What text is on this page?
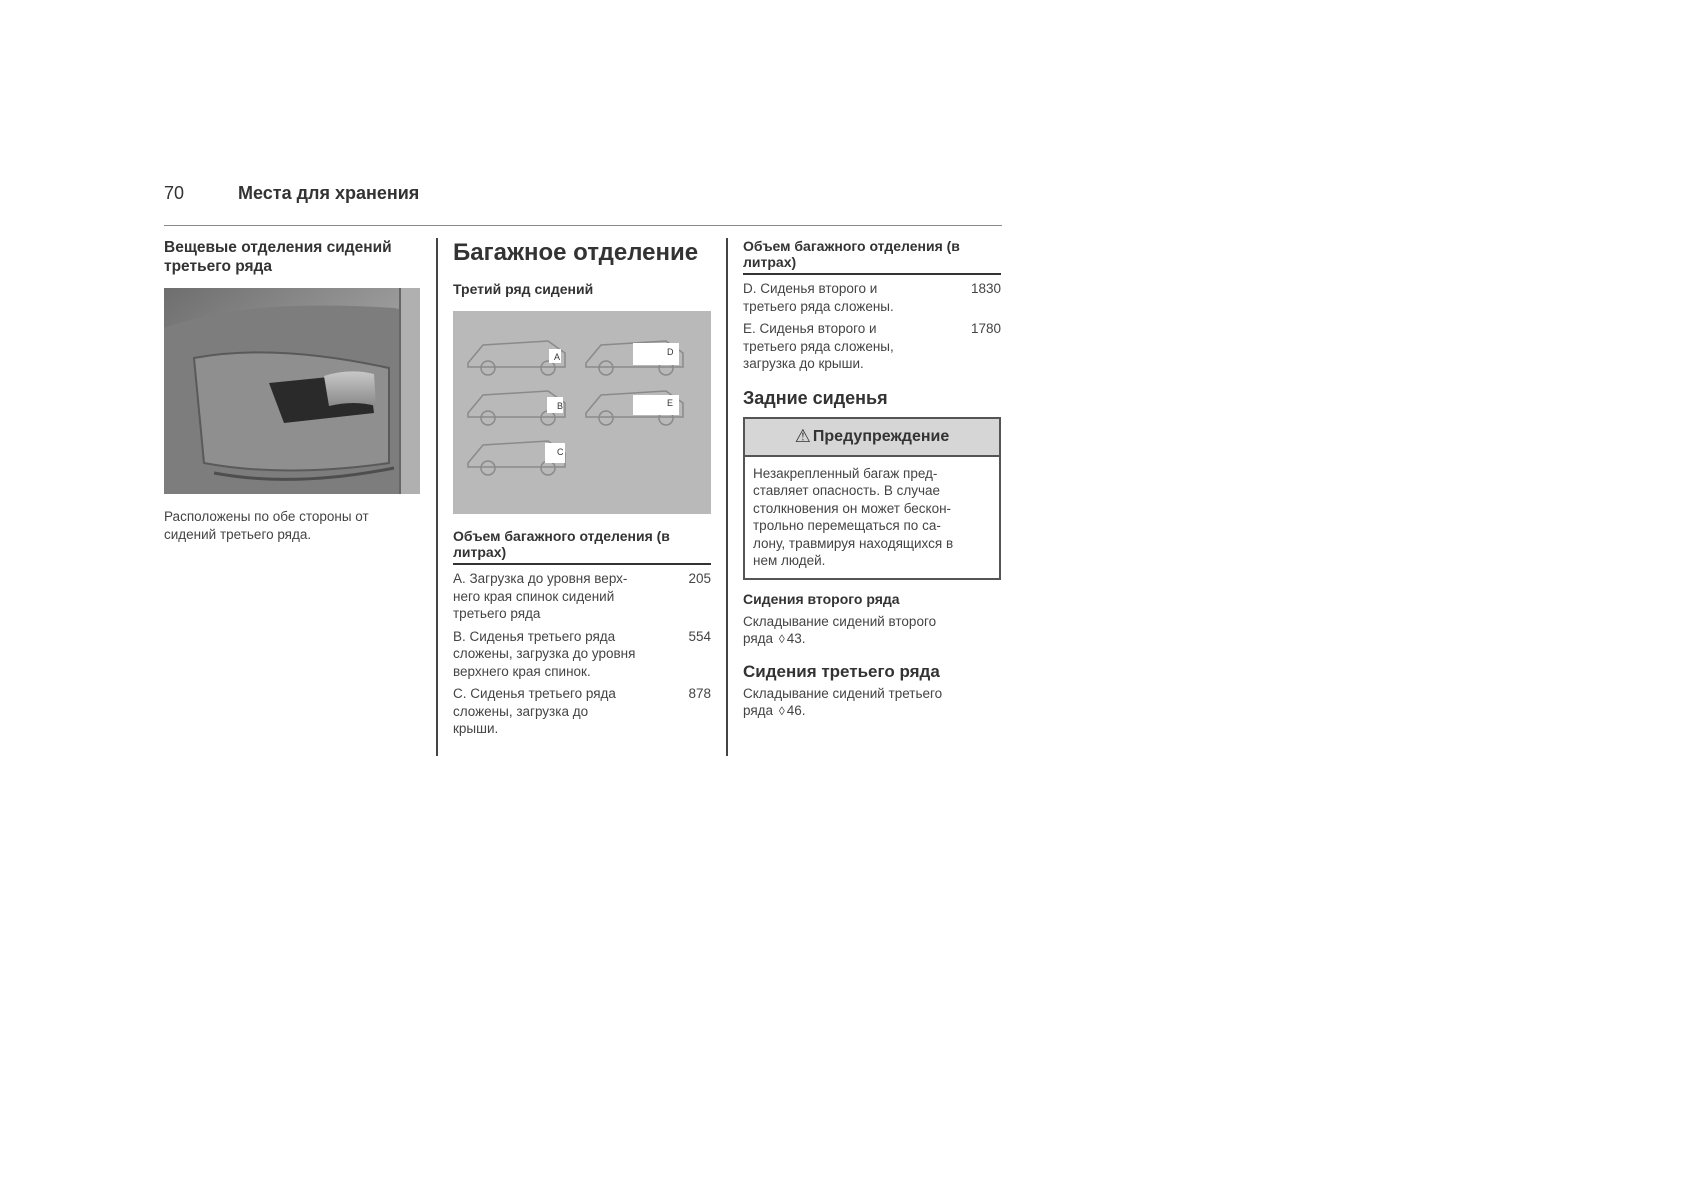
70	Места для хранения

Вещевые отделения сидений
третьего ряда

Расположены по обе стороны от
сидений третьего ряда.

Багажное отделение

Третий ряд сидений

A	D
B	E
C
Объем багажного отделения (в
литрах)
A. Загрузка до уровня верх-
него края спинок сидений
третьего ряда
205
B. Сиденья третьего ряда
сложены, загрузка до уровня
верхнего края спинок.
554
C. Сиденья третьего ряда
сложены, загрузка до
крыши.
878
Объем багажного отделения (в
литрах)
D. Сиденья второго и
третьего ряда сложены.
1830
E. Сиденья второго и
третьего ряда сложены,
загрузка до крыши.
1780
Задние сиденья
⚠ Предупреждение
Незакрепленный багаж пред-
ставляет опасность. В случае
столкновения он может бескон-
трольно перемещаться по са-
лону, травмируя находящихся в
нем людей.

Сидения второго ряда

Складывание сидений второго
ряда ◊ 43.

Сидения третьего ряда

Складывание сидений третьего
ряда ◊ 46.
